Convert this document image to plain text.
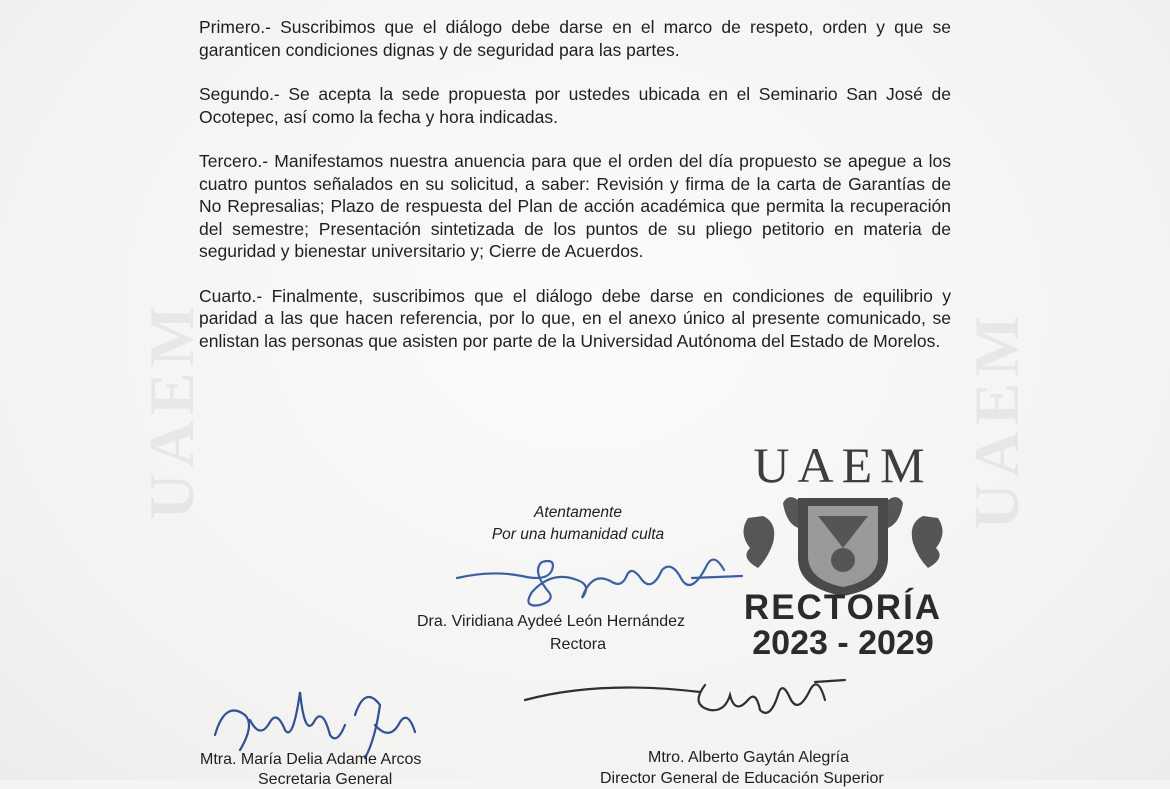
UAEM	UAEM

Primero.- Suscribimos que el diálogo debe darse en el marco de respeto, orden y que se garanticen condiciones dignas y de seguridad para las partes.

Segundo.- Se acepta la sede propuesta por ustedes ubicada en el Seminario San José de Ocotepec, así como la fecha y hora indicadas.

Tercero.- Manifestamos nuestra anuencia para que el orden del día propuesto se apegue a los cuatro puntos señalados en su solicitud, a saber: Revisión y firma de la carta de Garantías de No Represalias; Plazo de respuesta del Plan de acción académica que permita la recuperación del semestre; Presentación sintetizada de los puntos de su pliego petitorio en materia de seguridad y bienestar universitario y; Cierre de Acuerdos.

Cuarto.- Finalmente, suscribimos que el diálogo debe darse en condiciones de equilibrio y paridad a las que hacen referencia, por lo que, en el anexo único al presente comunicado, se enlistan las personas que asisten por parte de la Universidad Autónoma del Estado de Morelos.

UAEM
RECTORÍA
2023 - 2029
Atentamente
Por una humanidad culta
Dra. Viridiana Aydeé León Hernández
Rectora
Mtra. María Delia Adame Arcos
Secretaria General
Mtro. Alberto Gaytán Alegría
Director General de Educación Superior
